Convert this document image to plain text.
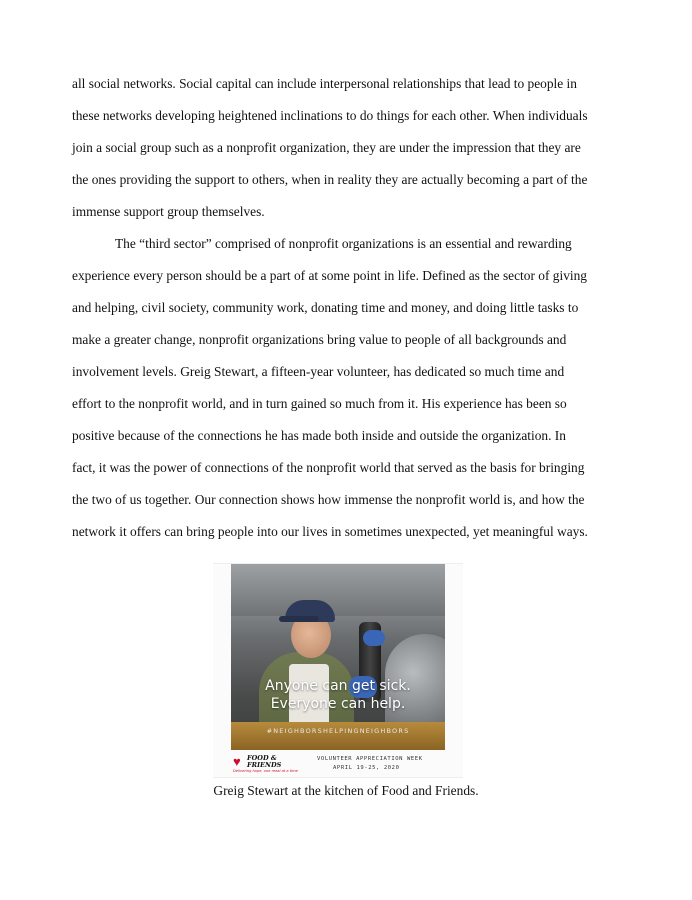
all social networks. Social capital can include interpersonal relationships that lead to people in
these networks developing heightened inclinations to do things for each other. When individuals
join a social group such as a nonprofit organization, they are under the impression that they are
the ones providing the support to others, when in reality they are actually becoming a part of the
immense support group themselves.
The “third sector” comprised of nonprofit organizations is an essential and rewarding
experience every person should be a part of at some point in life. Defined as the sector of giving
and helping, civil society, community work, donating time and money, and doing little tasks to
make a greater change, nonprofit organizations bring value to people of all backgrounds and
involvement levels. Greig Stewart, a fifteen-year volunteer, has dedicated so much time and
effort to the nonprofit world, and in turn gained so much from it. His experience has been so
positive because of the connections he has made both inside and outside the organization. In
fact, it was the power of connections of the nonprofit world that served as the basis for bringing
the two of us together. Our connection shows how immense the nonprofit world is, and how the
network it offers can bring people into our lives in sometimes unexpected, yet meaningful ways.
Anyone can get sick.
Everyone can help.
#NEIGHBORSHELPINGNEIGHBORS
♥ FOOD &
FRIENDS
Delivering hope, one meal at a time
VOLUNTEER APPRECIATION WEEK
APRIL 19-25, 2020
Greig Stewart at the kitchen of Food and Friends.
